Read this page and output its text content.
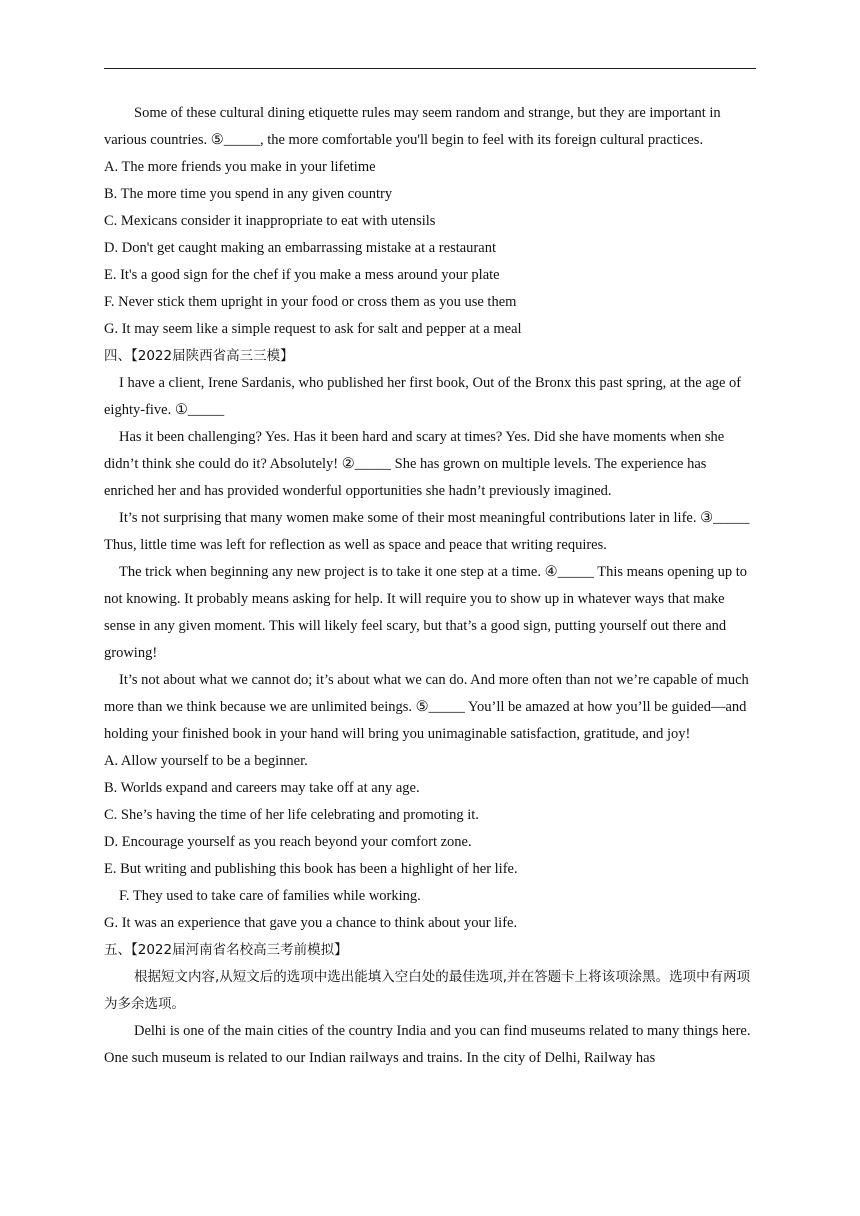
Some of these cultural dining etiquette rules may seem random and strange, but they are important in various countries. ⑤_____, the more comfortable you'll begin to feel with its foreign cultural practices.

A. The more friends you make in your lifetime

B. The more time you spend in any given country

C. Mexicans consider it inappropriate to eat with utensils

D. Don't get caught making an embarrassing mistake at a restaurant

E. It's a good sign for the chef if you make a mess around your plate

F. Never stick them upright in your food or cross them as you use them

G. It may seem like a simple request to ask for salt and pepper at a meal

四、【2022届陕西省高三三模】

I have a client, Irene Sardanis, who published her first book, Out of the Bronx this past spring, at the age of eighty-five. ①_____

Has it been challenging? Yes. Has it been hard and scary at times? Yes. Did she have moments when she didn’t think she could do it? Absolutely! ②_____ She has grown on multiple levels. The experience has enriched her and has provided wonderful opportunities she hadn’t previously imagined.

It’s not surprising that many women make some of their most meaningful contributions later in life. ③_____ Thus, little time was left for reflection as well as space and peace that writing requires.

The trick when beginning any new project is to take it one step at a time. ④_____ This means opening up to not knowing. It probably means asking for help. It will require you to show up in whatever ways that make sense in any given moment. This will likely feel scary, but that’s a good sign, putting yourself out there and growing!

It’s not about what we cannot do; it’s about what we can do. And more often than not we’re capable of much more than we think because we are unlimited beings. ⑤_____ You’ll be amazed at how you’ll be guided—and holding your finished book in your hand will bring you unimaginable satisfaction, gratitude, and joy!

A. Allow yourself to be a beginner.

B. Worlds expand and careers may take off at any age.

C. She’s having the time of her life celebrating and promoting it.

D. Encourage yourself as you reach beyond your comfort zone.

E. But writing and publishing this book has been a highlight of her life.

F. They used to take care of families while working.

G. It was an experience that gave you a chance to think about your life.

五、【2022届河南省名校高三考前模拟】

根据短文内容,从短文后的选项中选出能填入空白处的最佳选项,并在答题卡上将该项涂黑。选项中有两项为多余选项。

Delhi is one of the main cities of the country India and you can find museums related to many things here. One such museum is related to our Indian railways and trains. In the city of Delhi, Railway has
